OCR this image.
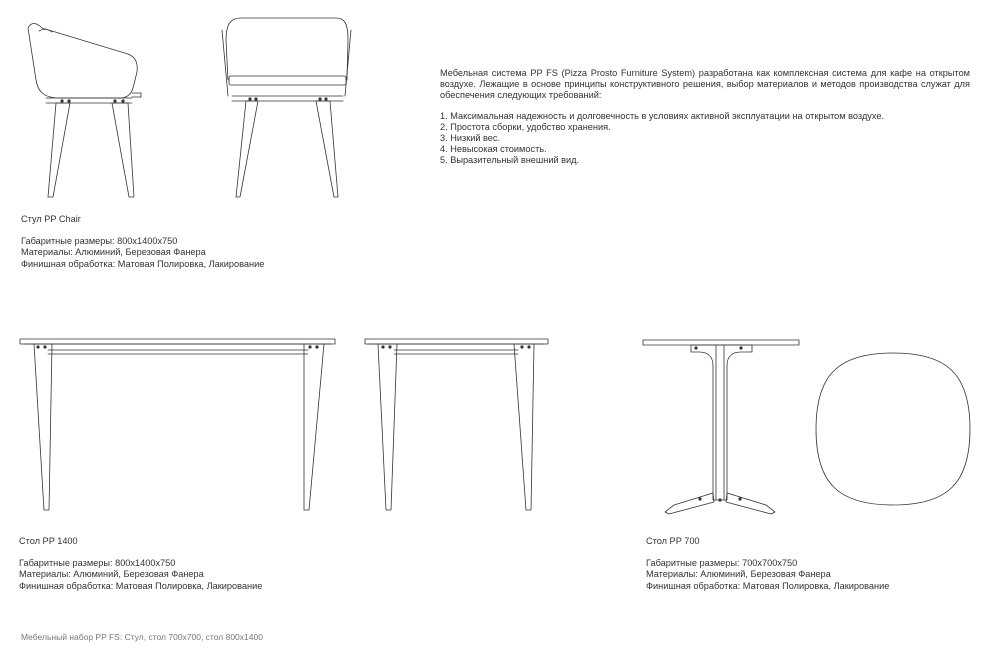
Мебельная система PP FS (Pizza Prosto Furniture System) разработана как комплексная система для кафе на открытом воздухе. Лежащие в основе принципы конструктивного решения, выбор материалов и методов производства служат для обеспечения следующих требований:
1. Максимальная надежность и долговечность в условиях активной эксплуатации на открытом воздухе.
2. Простота сборки, удобство хранения.
3. Низкий вес.
4. Невысокая стоимость.
5. Выразительный внешний вид.
Стул PP Chair
Габаритные размеры: 800x1400x750
Материалы: Алюминий, Березовая Фанера
Финишная обработка: Матовая Полировка, Лакирование
Стол PP 1400
Габаритные размеры: 800x1400x750
Материалы: Алюминий, Березовая Фанера
Финишная обработка: Матовая Полировка, Лакирование
Стол PP 700
Габаритные размеры: 700x700x750
Материалы: Алюминий, Березовая Фанера
Финишная обработка: Матовая Полировка, Лакирование
Мебельный набор PP FS: Стул, стол 700x700, стол 800x1400
